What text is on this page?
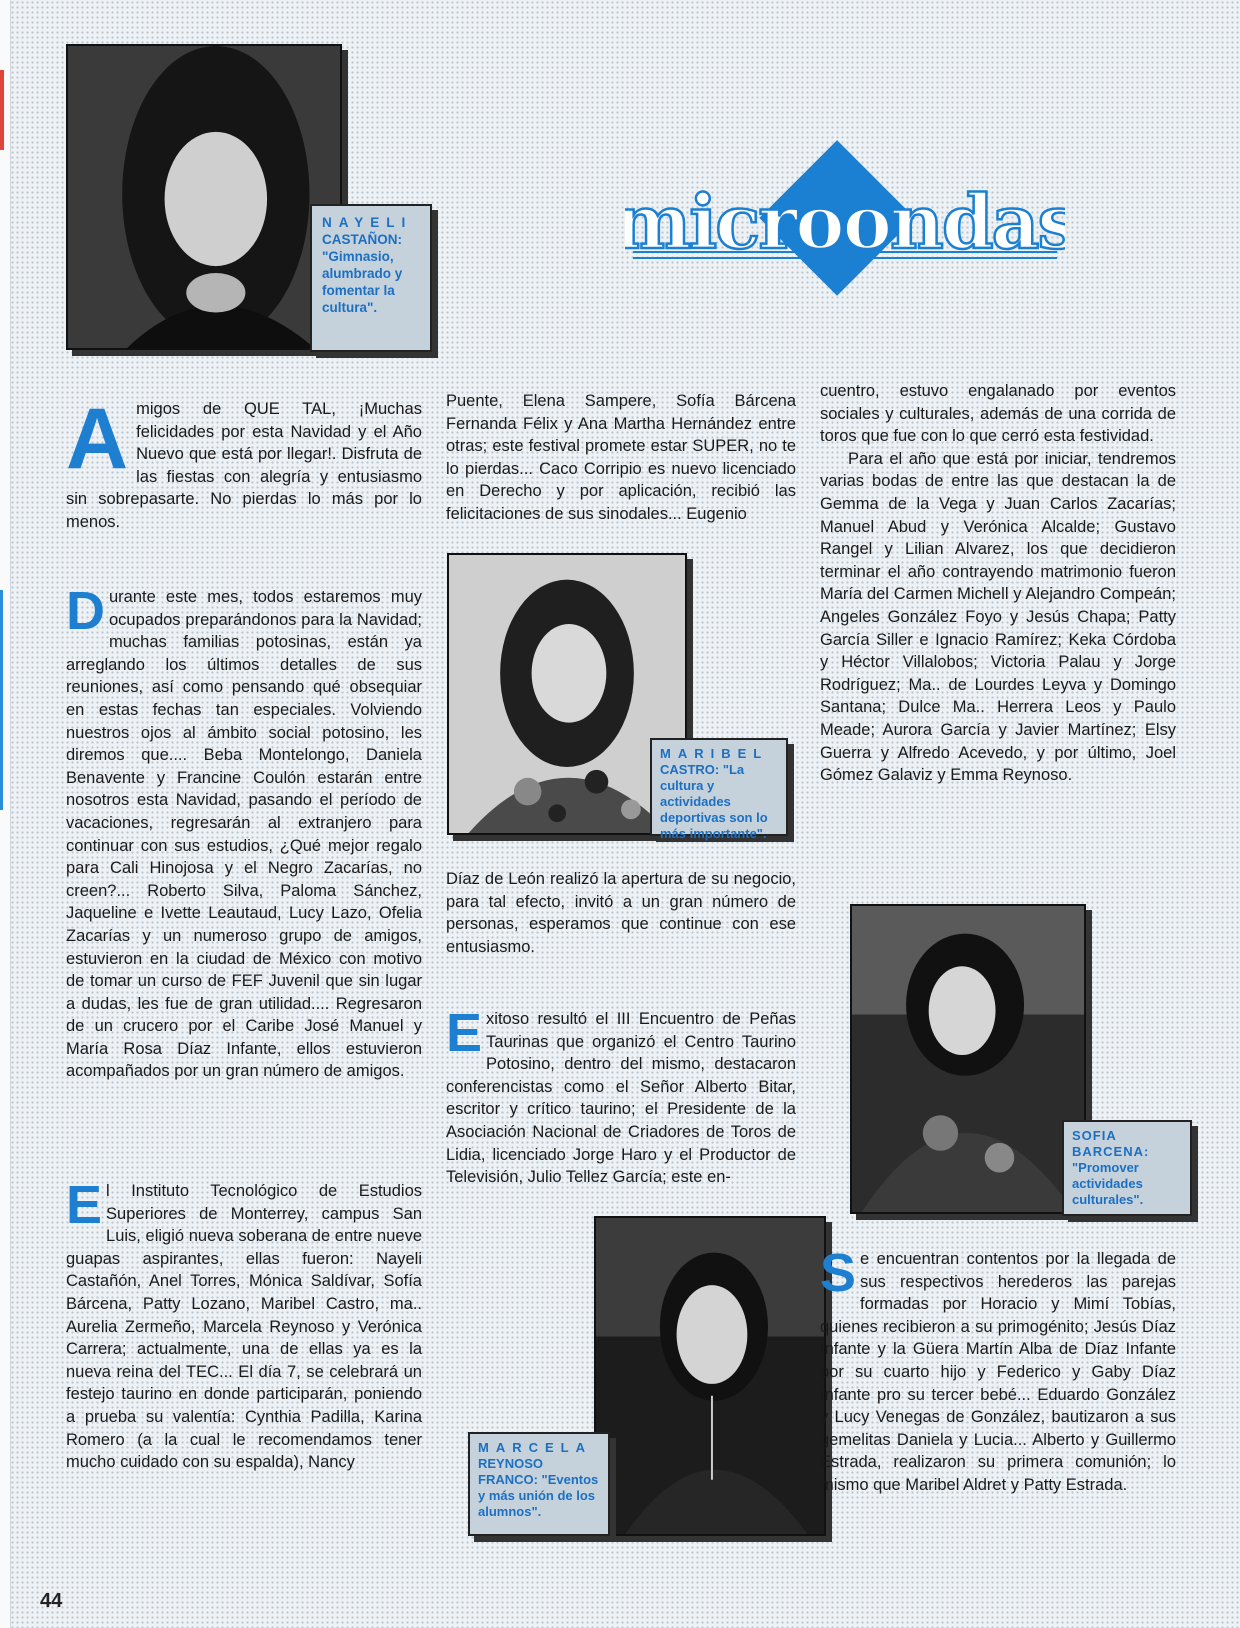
NAYELI
CASTAÑON: "Gimnasio, alumbrado y fomentar la cultura".
microondas

Amigos de QUE TAL, ¡Muchas felicidades por esta Navidad y el Año Nuevo que está por llegar!. Disfruta de las fiestas con alegría y entusiasmo sin sobrepasarte. No pierdas lo más por lo menos.

Durante este mes, todos estaremos muy ocupados preparándonos para la Navidad; muchas familias potosinas, están ya arreglando los últimos detalles de sus reuniones, así como pensando qué obsequiar en estas fechas tan especiales. Volviendo nuestros ojos al ámbito social potosino, les diremos que.... Beba Montelongo, Daniela Benavente y Francine Coulón estarán entre nosotros esta Navidad, pasando el período de vacaciones, regresarán al extranjero para continuar con sus estudios, ¿Qué mejor regalo para Cali Hinojosa y el Negro Zacarías, no creen?... Roberto Silva, Paloma Sánchez, Jaqueline e Ivette Leautaud, Lucy Lazo, Ofelia Zacarías y un numeroso grupo de amigos, estuvieron en la ciudad de México con motivo de tomar un curso de FEF Juvenil que sin lugar a dudas, les fue de gran utilidad.... Regresaron de un crucero por el Caribe José Manuel y María Rosa Díaz Infante, ellos estuvieron acompañados por un gran número de amigos.

El Instituto Tecnológico de Estudios Superiores de Monterrey, campus San Luis, eligió nueva soberana de entre nueve guapas aspirantes, ellas fueron: Nayeli Castañón, Anel Torres, Mónica Saldívar, Sofía Bárcena, Patty Lozano, Maribel Castro, ma.. Aurelia Zermeño, Marcela Reynoso y Verónica Carrera; actualmente, una de ellas ya es la nueva reina del TEC... El día 7, se celebrará un festejo taurino en donde participarán, poniendo a prueba su valentía: Cynthia Padilla, Karina Romero (a la cual le recomendamos tener mucho cuidado con su espalda), Nancy

Puente, Elena Sampere, Sofía Bárcena Fernanda Félix y Ana Martha Hernández entre otras; este festival promete estar SUPER, no te lo pierdas... Caco Corripio es nuevo licenciado en Derecho y por aplicación, recibió las felicitaciones de sus sinodales... Eugenio

MARIBEL
CASTRO: "La cultura y actividades deportivas son lo más importante".

Díaz de León realizó la apertura de su negocio, para tal efecto, invitó a un gran número de personas, esperamos que continue con ese entusiasmo.

Exitoso resultó el III Encuentro de Peñas Taurinas que organizó el Centro Taurino Potosino, dentro del mismo, destacaron conferencistas como el Señor Alberto Bitar, escritor y crítico taurino; el Presidente de la Asociación Nacional de Criadores de Toros de Lidia, licenciado Jorge Haro y el Productor de Televisión, Julio Tellez García; este en-

MARCELA
REYNOSO FRANCO: "Eventos y más unión de los alumnos".

cuentro, estuvo engalanado por eventos sociales y culturales, además de una corrida de toros que fue con lo que cerró esta festividad.

Para el año que está por iniciar, tendremos varias bodas de entre las que destacan la de Gemma de la Vega y Juan Carlos Zacarías; Manuel Abud y Verónica Alcalde; Gustavo Rangel y Lilian Alvarez, los que decidieron terminar el año contrayendo matrimonio fueron María del Carmen Michell y Alejandro Compeán; Angeles González Foyo y Jesús Chapa; Patty García Siller e Ignacio Ramírez; Keka Córdoba y Héctor Villalobos; Victoria Palau y Jorge Rodríguez; Ma.. de Lourdes Leyva y Domingo Santana; Dulce Ma.. Herrera Leos y Paulo Meade; Aurora García y Javier Martínez; Elsy Guerra y Alfredo Acevedo, y por último, Joel Gómez Galaviz y Emma Reynoso.

SOFIA BARCENA:
"Promover actividades culturales".

Se encuentran contentos por la llegada de sus respectivos herederos las parejas formadas por Horacio y Mimí Tobías, quienes recibieron a su primogénito; Jesús Díaz Infante y la Güera Martín Alba de Díaz Infante por su cuarto hijo y Federico y Gaby Díaz Infante pro su tercer bebé... Eduardo González y Lucy Venegas de González, bautizaron a sus gemelitas Daniela y Lucia... Alberto y Guillermo Estrada, realizaron su primera comunión; lo mismo que Maribel Aldret y Patty Estrada.

44
